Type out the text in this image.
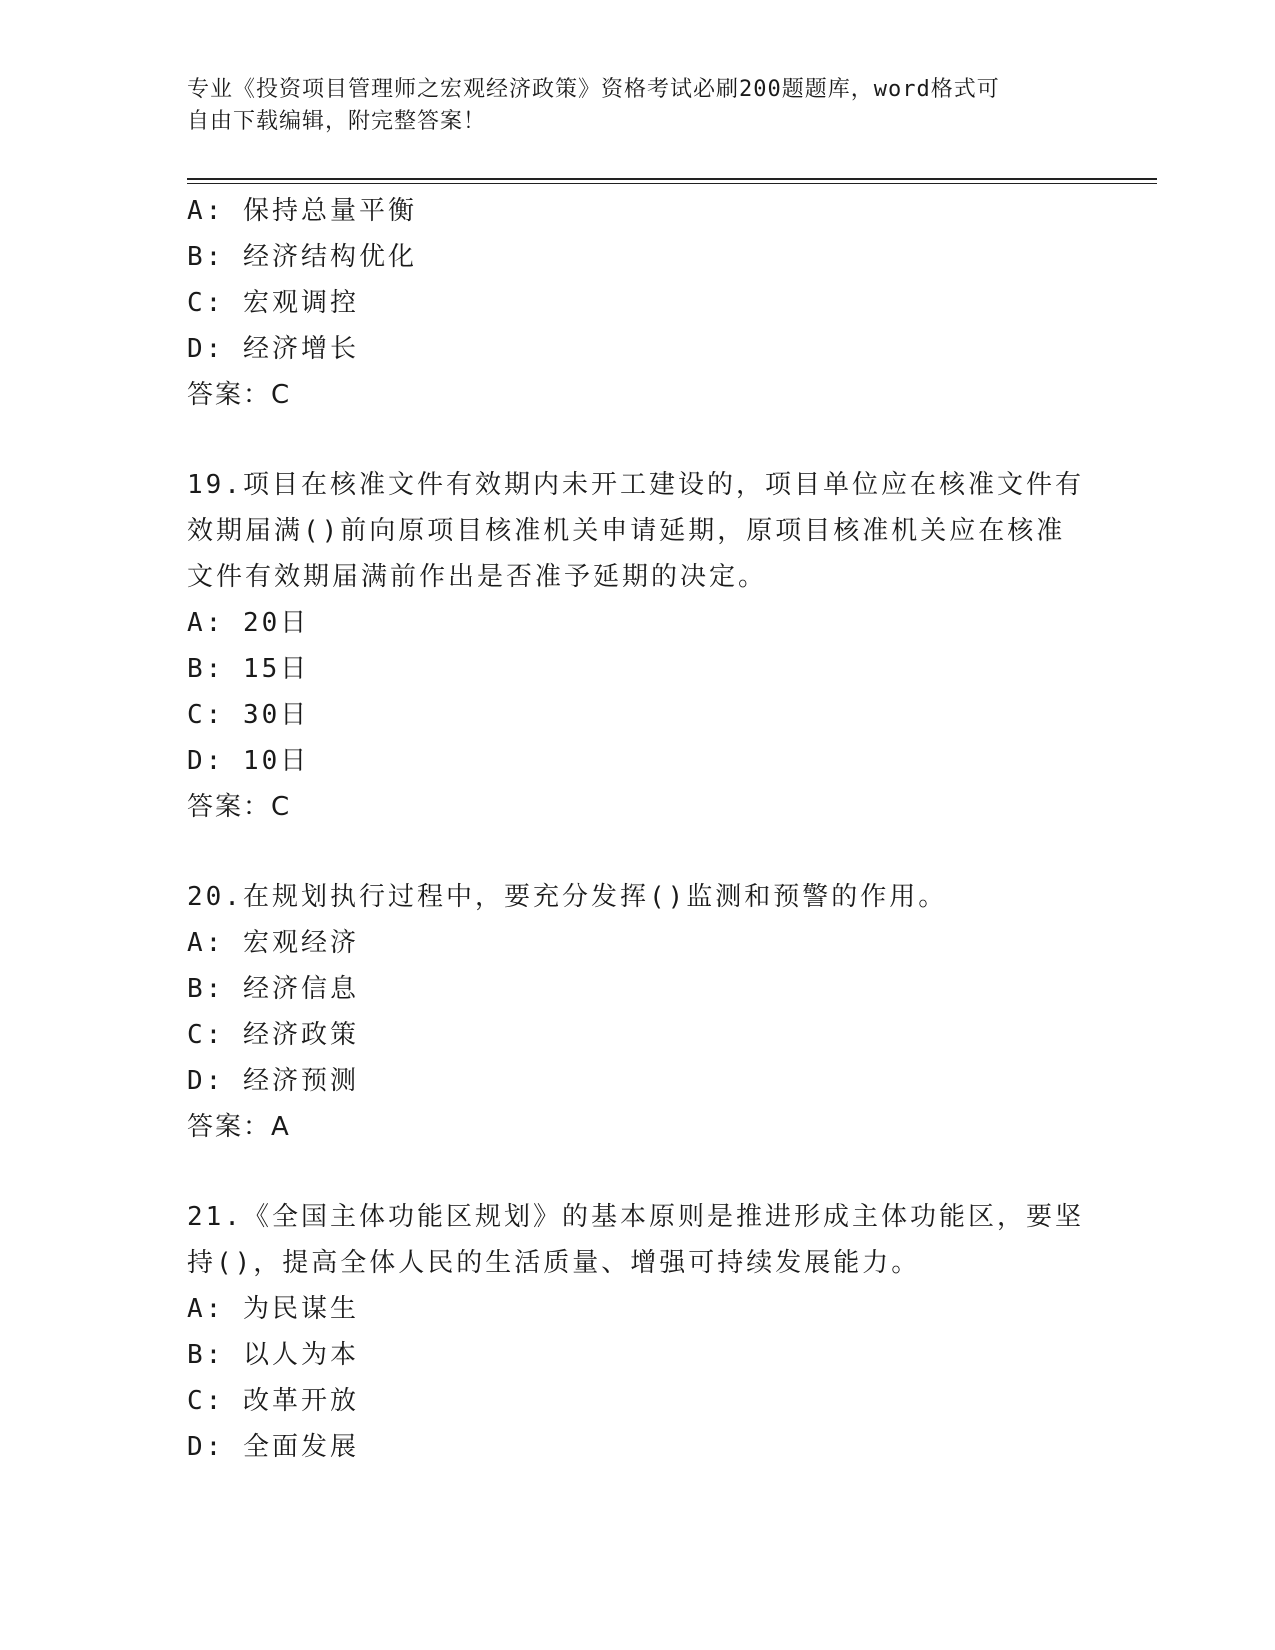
专业《投资项目管理师之宏观经济政策》资格考试必刷200题题库，word格式可
自由下载编辑，附完整答案！
A: 保持总量平衡
B: 经济结构优化
C: 宏观调控
D: 经济增长
答案：C
19.项目在核准文件有效期内未开工建设的，项目单位应在核准文件有
效期届满()前向原项目核准机关申请延期，原项目核准机关应在核准
文件有效期届满前作出是否准予延期的决定。
A: 20日
B: 15日
C: 30日
D: 10日
答案：C
20.在规划执行过程中，要充分发挥()监测和预警的作用。
A: 宏观经济
B: 经济信息
C: 经济政策
D: 经济预测
答案：A
21.《全国主体功能区规划》的基本原则是推进形成主体功能区，要坚
持()，提高全体人民的生活质量、增强可持续发展能力。
A: 为民谋生
B: 以人为本
C: 改革开放
D: 全面发展
